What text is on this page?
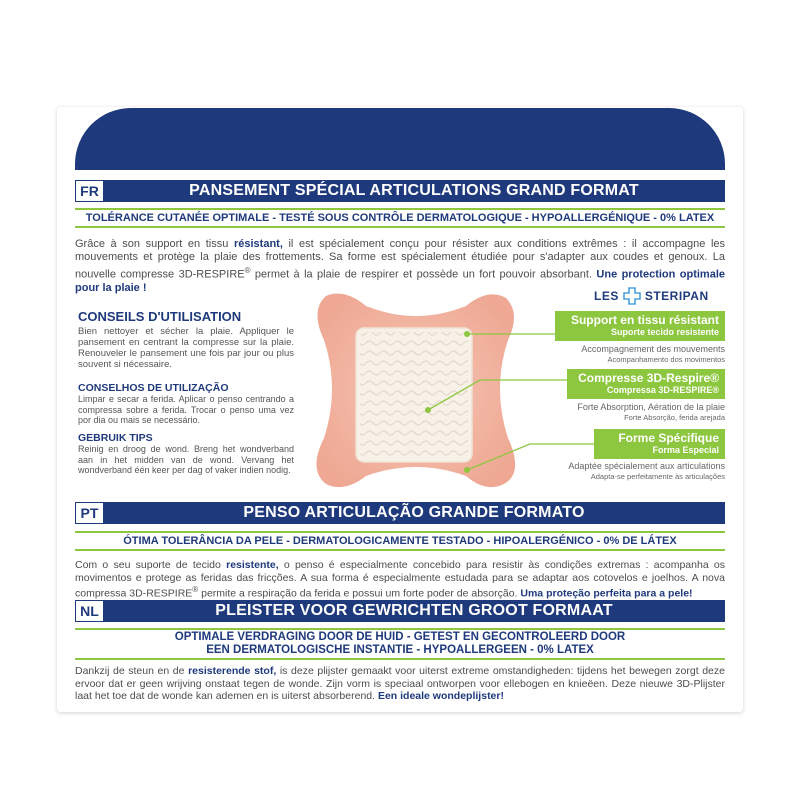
FR	PANSEMENT SPÉCIAL ARTICULATIONS GRAND FORMAT
TOLÉRANCE CUTANÉE OPTIMALE - TESTÉ SOUS CONTRÔLE DERMATOLOGIQUE - HYPOALLERGÉNIQUE - 0% LATEX
Grâce à son support en tissu résistant, il est spécialement conçu pour résister aux conditions extrêmes : il accompagne les mouvements et protège la plaie des frottements. Sa forme est spécialement étudiée pour s'adapter aux coudes et genoux. La nouvelle compresse 3D-RESPIRE® permet à la plaie de respirer et possède un fort pouvoir absorbant. Une protection optimale pour la plaie !
CONSEILS D'UTILISATION
Bien nettoyer et sécher la plaie. Appliquer le pansement en centrant la compresse sur la plaie. Renouveler le pansement une fois par jour ou plus souvent si nécessaire.
CONSELHOS DE UTILIZAÇÃO
Limpar e secar a ferida. Aplicar o penso centrando a compressa sobre a ferida. Trocar o penso uma vez por dia ou mais se necessário.
GEBRUIK TIPS
Reinig en droog de wond. Breng het wondverband aan in het midden van de wond. Vervang het wondverband één keer per dag of vaker indien nodig.
LES STERIPAN
Support en tissu résistant
Suporte tecido resistente
Accompagnement des mouvements
Acompanhamento dos movimentos
Compresse 3D-Respire®
Compressa 3D-RESPIRE®
Forte Absorption, Aération de la plaie
Forte Absorção, ferida arejada
Forme Spécifique
Forma Especial
Adaptée spécialement aux articulations
Adapta-se perfeitamente às articulações
PT	PENSO ARTICULAÇÃO GRANDE FORMATO
ÓTIMA TOLERÂNCIA DA PELE - DERMATOLOGICAMENTE TESTADO - HIPOALERGÉNICO - 0% DE LÁTEX
Com o seu suporte de tecido resistente, o penso é especialmente concebido para resistir às condições extremas : acompanha os movimentos e protege as feridas das fricções. A sua forma é especialmente estudada para se adaptar aos cotovelos e joelhos. A nova compressa 3D-RESPIRE® permite a respiração da ferida e possui um forte poder de absorção. Uma proteção perfeita para a pele!
NL	PLEISTER VOOR GEWRICHTEN GROOT FORMAAT
OPTIMALE VERDRAGING DOOR DE HUID - GETEST EN GECONTROLEERD DOOR
EEN DERMATOLOGISCHE INSTANTIE - HYPOALLERGEEN - 0% LATEX
Dankzij de steun en de resisterende stof, is deze plijster gemaakt voor uiterst extreme omstandigheden: tijdens het bewegen zorgt deze ervoor dat er geen wrijving onstaat tegen de wonde. Zijn vorm is speciaal ontworpen voor ellebogen en knieëen. Deze nieuwe 3D-Plijster laat het toe dat de wonde kan ademen en is uiterst absorberend. Een ideale wondeplijster!
